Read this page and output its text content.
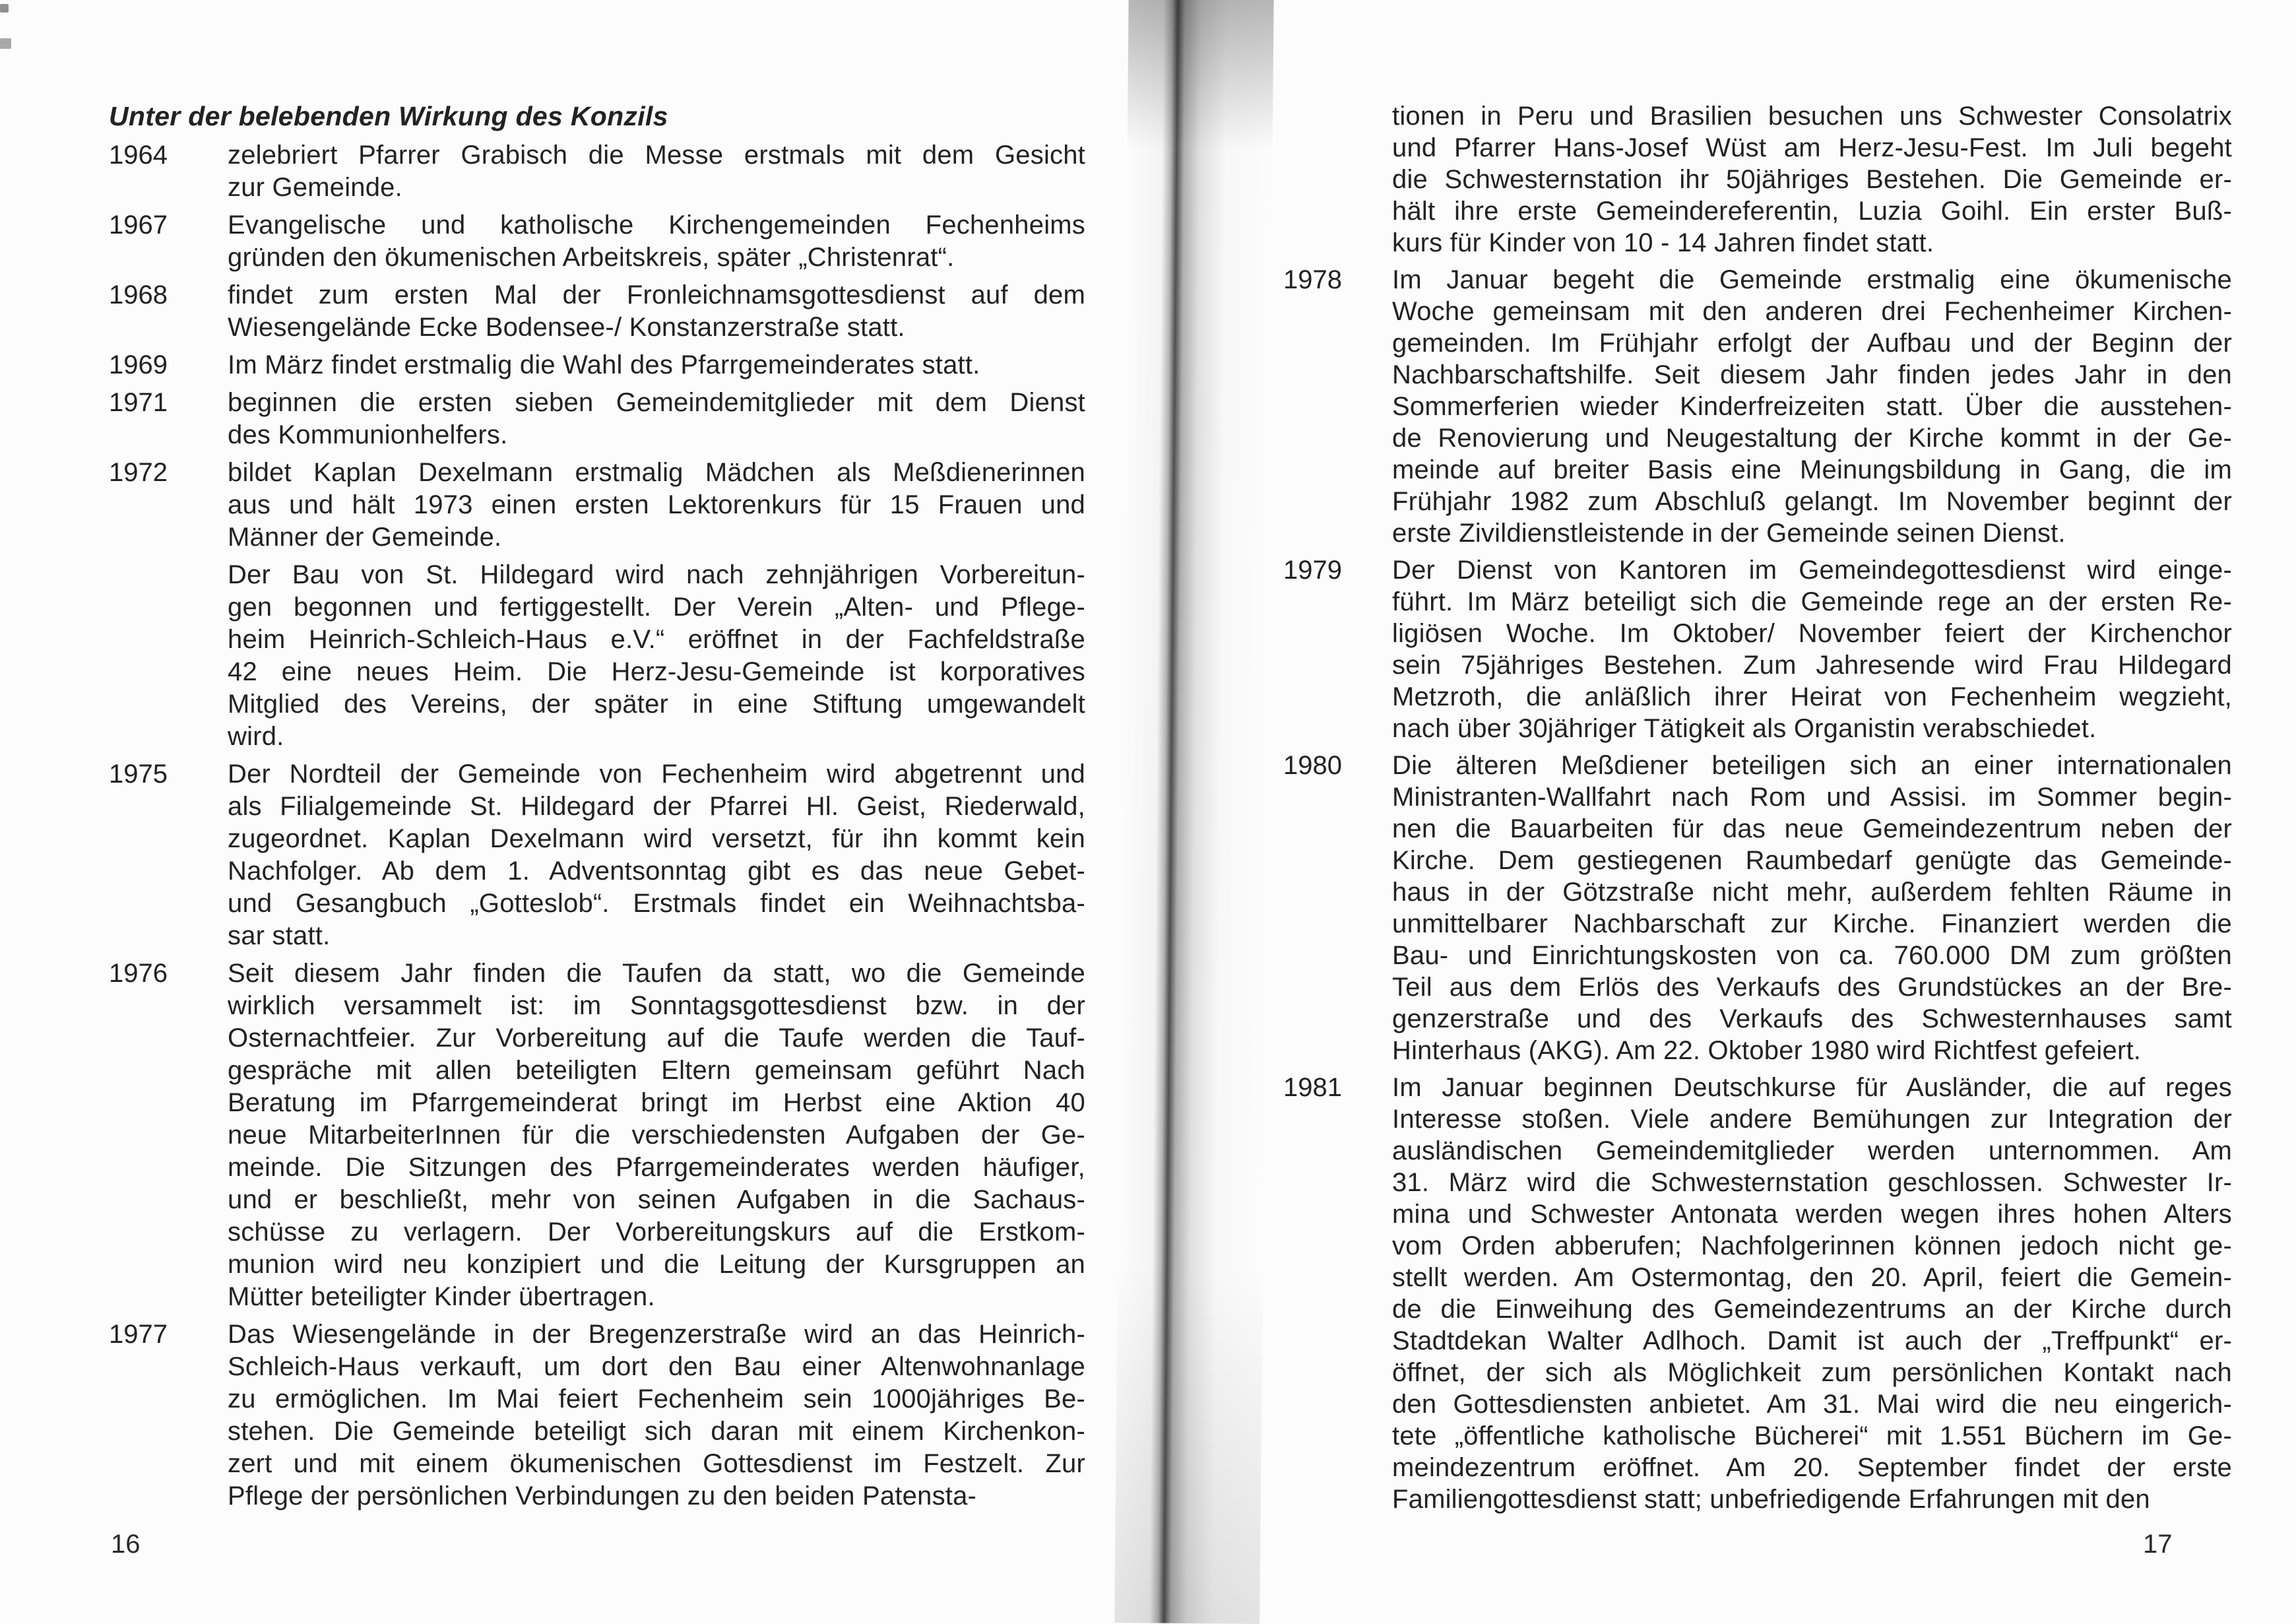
Unter der belebenden Wirkung des Konzils
1964	zelebriert Pfarrer Grabisch die Messe erstmals mit dem Gesicht
zur Gemeinde.
1967	Evangelische und katholische Kirchengemeinden Fechenheims
gründen den ökumenischen Arbeitskreis, später „Christenrat“.
1968	findet zum ersten Mal der Fronleichnamsgottesdienst auf dem
Wiesengelände Ecke Bodensee-/ Konstanzerstraße statt.
1969	Im März findet erstmalig die Wahl des Pfarrgemeinderates statt.
1971	beginnen die ersten sieben Gemeindemitglieder mit dem Dienst
des Kommunionhelfers.
1972	bildet Kaplan Dexelmann erstmalig Mädchen als Meßdienerinnen
aus und hält 1973 einen ersten Lektorenkurs für 15 Frauen und
Männer der Gemeinde.
Der Bau von St. Hildegard wird nach zehnjährigen Vorbereitun-
gen begonnen und fertiggestellt. Der Verein „Alten- und Pflege-
heim Heinrich-Schleich-Haus e.V.“ eröffnet in der Fachfeldstraße
42 eine neues Heim. Die Herz-Jesu-Gemeinde ist korporatives
Mitglied des Vereins, der später in eine Stiftung umgewandelt
wird.
1975	Der Nordteil der Gemeinde von Fechenheim wird abgetrennt und
als Filialgemeinde St. Hildegard der Pfarrei Hl. Geist, Riederwald,
zugeordnet. Kaplan Dexelmann wird versetzt, für ihn kommt kein
Nachfolger. Ab dem 1. Adventsonntag gibt es das neue Gebet-
und Gesangbuch „Gotteslob“. Erstmals findet ein Weihnachtsba-
sar statt.
1976	Seit diesem Jahr finden die Taufen da statt, wo die Gemeinde
wirklich versammelt ist: im Sonntagsgottesdienst bzw. in der
Osternachtfeier. Zur Vorbereitung auf die Taufe werden die Tauf-
gespräche mit allen beteiligten Eltern gemeinsam geführt Nach
Beratung im Pfarrgemeinderat bringt im Herbst eine Aktion 40
neue MitarbeiterInnen für die verschiedensten Aufgaben der Ge-
meinde. Die Sitzungen des Pfarrgemeinderates werden häufiger,
und er beschließt, mehr von seinen Aufgaben in die Sachaus-
schüsse zu verlagern. Der Vorbereitungskurs auf die Erstkom-
munion wird neu konzipiert und die Leitung der Kursgruppen an
Mütter beteiligter Kinder übertragen.
1977	Das Wiesengelände in der Bregenzerstraße wird an das Heinrich-
Schleich-Haus verkauft, um dort den Bau einer Altenwohnanlage
zu ermöglichen. Im Mai feiert Fechenheim sein 1000jähriges Be-
stehen. Die Gemeinde beteiligt sich daran mit einem Kirchenkon-
zert und mit einem ökumenischen Gottesdienst im Festzelt. Zur
Pflege der persönlichen Verbindungen zu den beiden Patensta-
tionen in Peru und Brasilien besuchen uns Schwester Consolatrix
und Pfarrer Hans-Josef Wüst am Herz-Jesu-Fest. Im Juli begeht
die Schwesternstation ihr 50jähriges Bestehen. Die Gemeinde er-
hält ihre erste Gemeindereferentin, Luzia Goihl. Ein erster Buß-
kurs für Kinder von 10 - 14 Jahren findet statt.
1978	Im Januar begeht die Gemeinde erstmalig eine ökumenische
Woche gemeinsam mit den anderen drei Fechenheimer Kirchen-
gemeinden. Im Frühjahr erfolgt der Aufbau und der Beginn der
Nachbarschaftshilfe. Seit diesem Jahr finden jedes Jahr in den
Sommerferien wieder Kinderfreizeiten statt. Über die ausstehen-
de Renovierung und Neugestaltung der Kirche kommt in der Ge-
meinde auf breiter Basis eine Meinungsbildung in Gang, die im
Frühjahr 1982 zum Abschluß gelangt. Im November beginnt der
erste Zivildienstleistende in der Gemeinde seinen Dienst.
1979	Der Dienst von Kantoren im Gemeindegottesdienst wird einge-
führt. Im März beteiligt sich die Gemeinde rege an der ersten Re-
ligiösen Woche. Im Oktober/ November feiert der Kirchenchor
sein 75jähriges Bestehen. Zum Jahresende wird Frau Hildegard
Metzroth, die anläßlich ihrer Heirat von Fechenheim wegzieht,
nach über 30jähriger Tätigkeit als Organistin verabschiedet.
1980	Die älteren Meßdiener beteiligen sich an einer internationalen
Ministranten-Wallfahrt nach Rom und Assisi. im Sommer begin-
nen die Bauarbeiten für das neue Gemeindezentrum neben der
Kirche. Dem gestiegenen Raumbedarf genügte das Gemeinde-
haus in der Götzstraße nicht mehr, außerdem fehlten Räume in
unmittelbarer Nachbarschaft zur Kirche. Finanziert werden die
Bau- und Einrichtungskosten von ca. 760.000 DM zum größten
Teil aus dem Erlös des Verkaufs des Grundstückes an der Bre-
genzerstraße und des Verkaufs des Schwesternhauses samt
Hinterhaus (AKG). Am 22. Oktober 1980 wird Richtfest gefeiert.
1981	Im Januar beginnen Deutschkurse für Ausländer, die auf reges
Interesse stoßen. Viele andere Bemühungen zur Integration der
ausländischen Gemeindemitglieder werden unternommen. Am
31. März wird die Schwesternstation geschlossen. Schwester Ir-
mina und Schwester Antonata werden wegen ihres hohen Alters
vom Orden abberufen; Nachfolgerinnen können jedoch nicht ge-
stellt werden. Am Ostermontag, den 20. April, feiert die Gemein-
de die Einweihung des Gemeindezentrums an der Kirche durch
Stadtdekan Walter Adlhoch. Damit ist auch der „Treffpunkt“ er-
öffnet, der sich als Möglichkeit zum persönlichen Kontakt nach
den Gottesdiensten anbietet. Am 31. Mai wird die neu eingerich-
tete „öffentliche katholische Bücherei“ mit 1.551 Büchern im Ge-
meindezentrum eröffnet. Am 20. September findet der erste
Familiengottesdienst statt; unbefriedigende Erfahrungen mit den
16	17
